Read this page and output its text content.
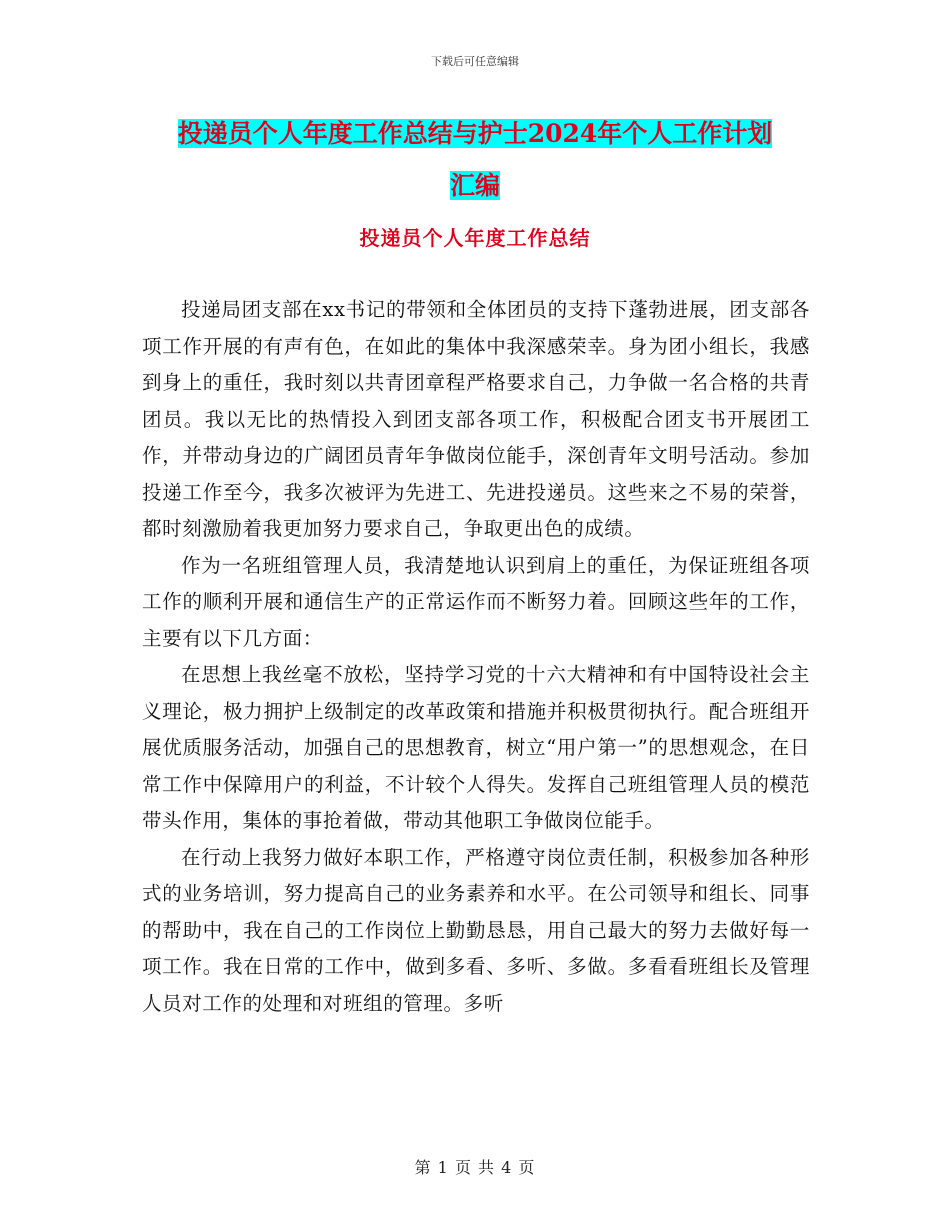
下载后可任意编辑
投递员个人年度工作总结与护士2024年个人工作计划
汇编
投递员个人年度工作总结

投递局团支部在xx书记的带领和全体团员的支持下蓬勃进展，团支部各项工作开展的有声有色，在如此的集体中我深感荣幸。身为团小组长，我感到身上的重任，我时刻以共青团章程严格要求自己，力争做一名合格的共青团员。我以无比的热情投入到团支部各项工作，积极配合团支书开展团工作，并带动身边的广阔团员青年争做岗位能手，深创青年文明号活动。参加投递工作至今，我多次被评为先进工、先进投递员。这些来之不易的荣誉，都时刻激励着我更加努力要求自己，争取更出色的成绩。

作为一名班组管理人员，我清楚地认识到肩上的重任，为保证班组各项工作的顺利开展和通信生产的正常运作而不断努力着。回顾这些年的工作，主要有以下几方面：

在思想上我丝毫不放松，坚持学习党的十六大精神和有中国特设社会主义理论，极力拥护上级制定的改革政策和措施并积极贯彻执行。配合班组开展优质服务活动，加强自己的思想教育，树立“用户第一”的思想观念，在日常工作中保障用户的利益，不计较个人得失。发挥自己班组管理人员的模范带头作用，集体的事抢着做，带动其他职工争做岗位能手。

在行动上我努力做好本职工作，严格遵守岗位责任制，积极参加各种形式的业务培训，努力提高自己的业务素养和水平。在公司领导和组长、同事的帮助中，我在自己的工作岗位上勤勤恳恳，用自己最大的努力去做好每一项工作。我在日常的工作中，做到多看、多听、多做。多看看班组长及管理人员对工作的处理和对班组的管理。多听

第 1 页 共 4 页
